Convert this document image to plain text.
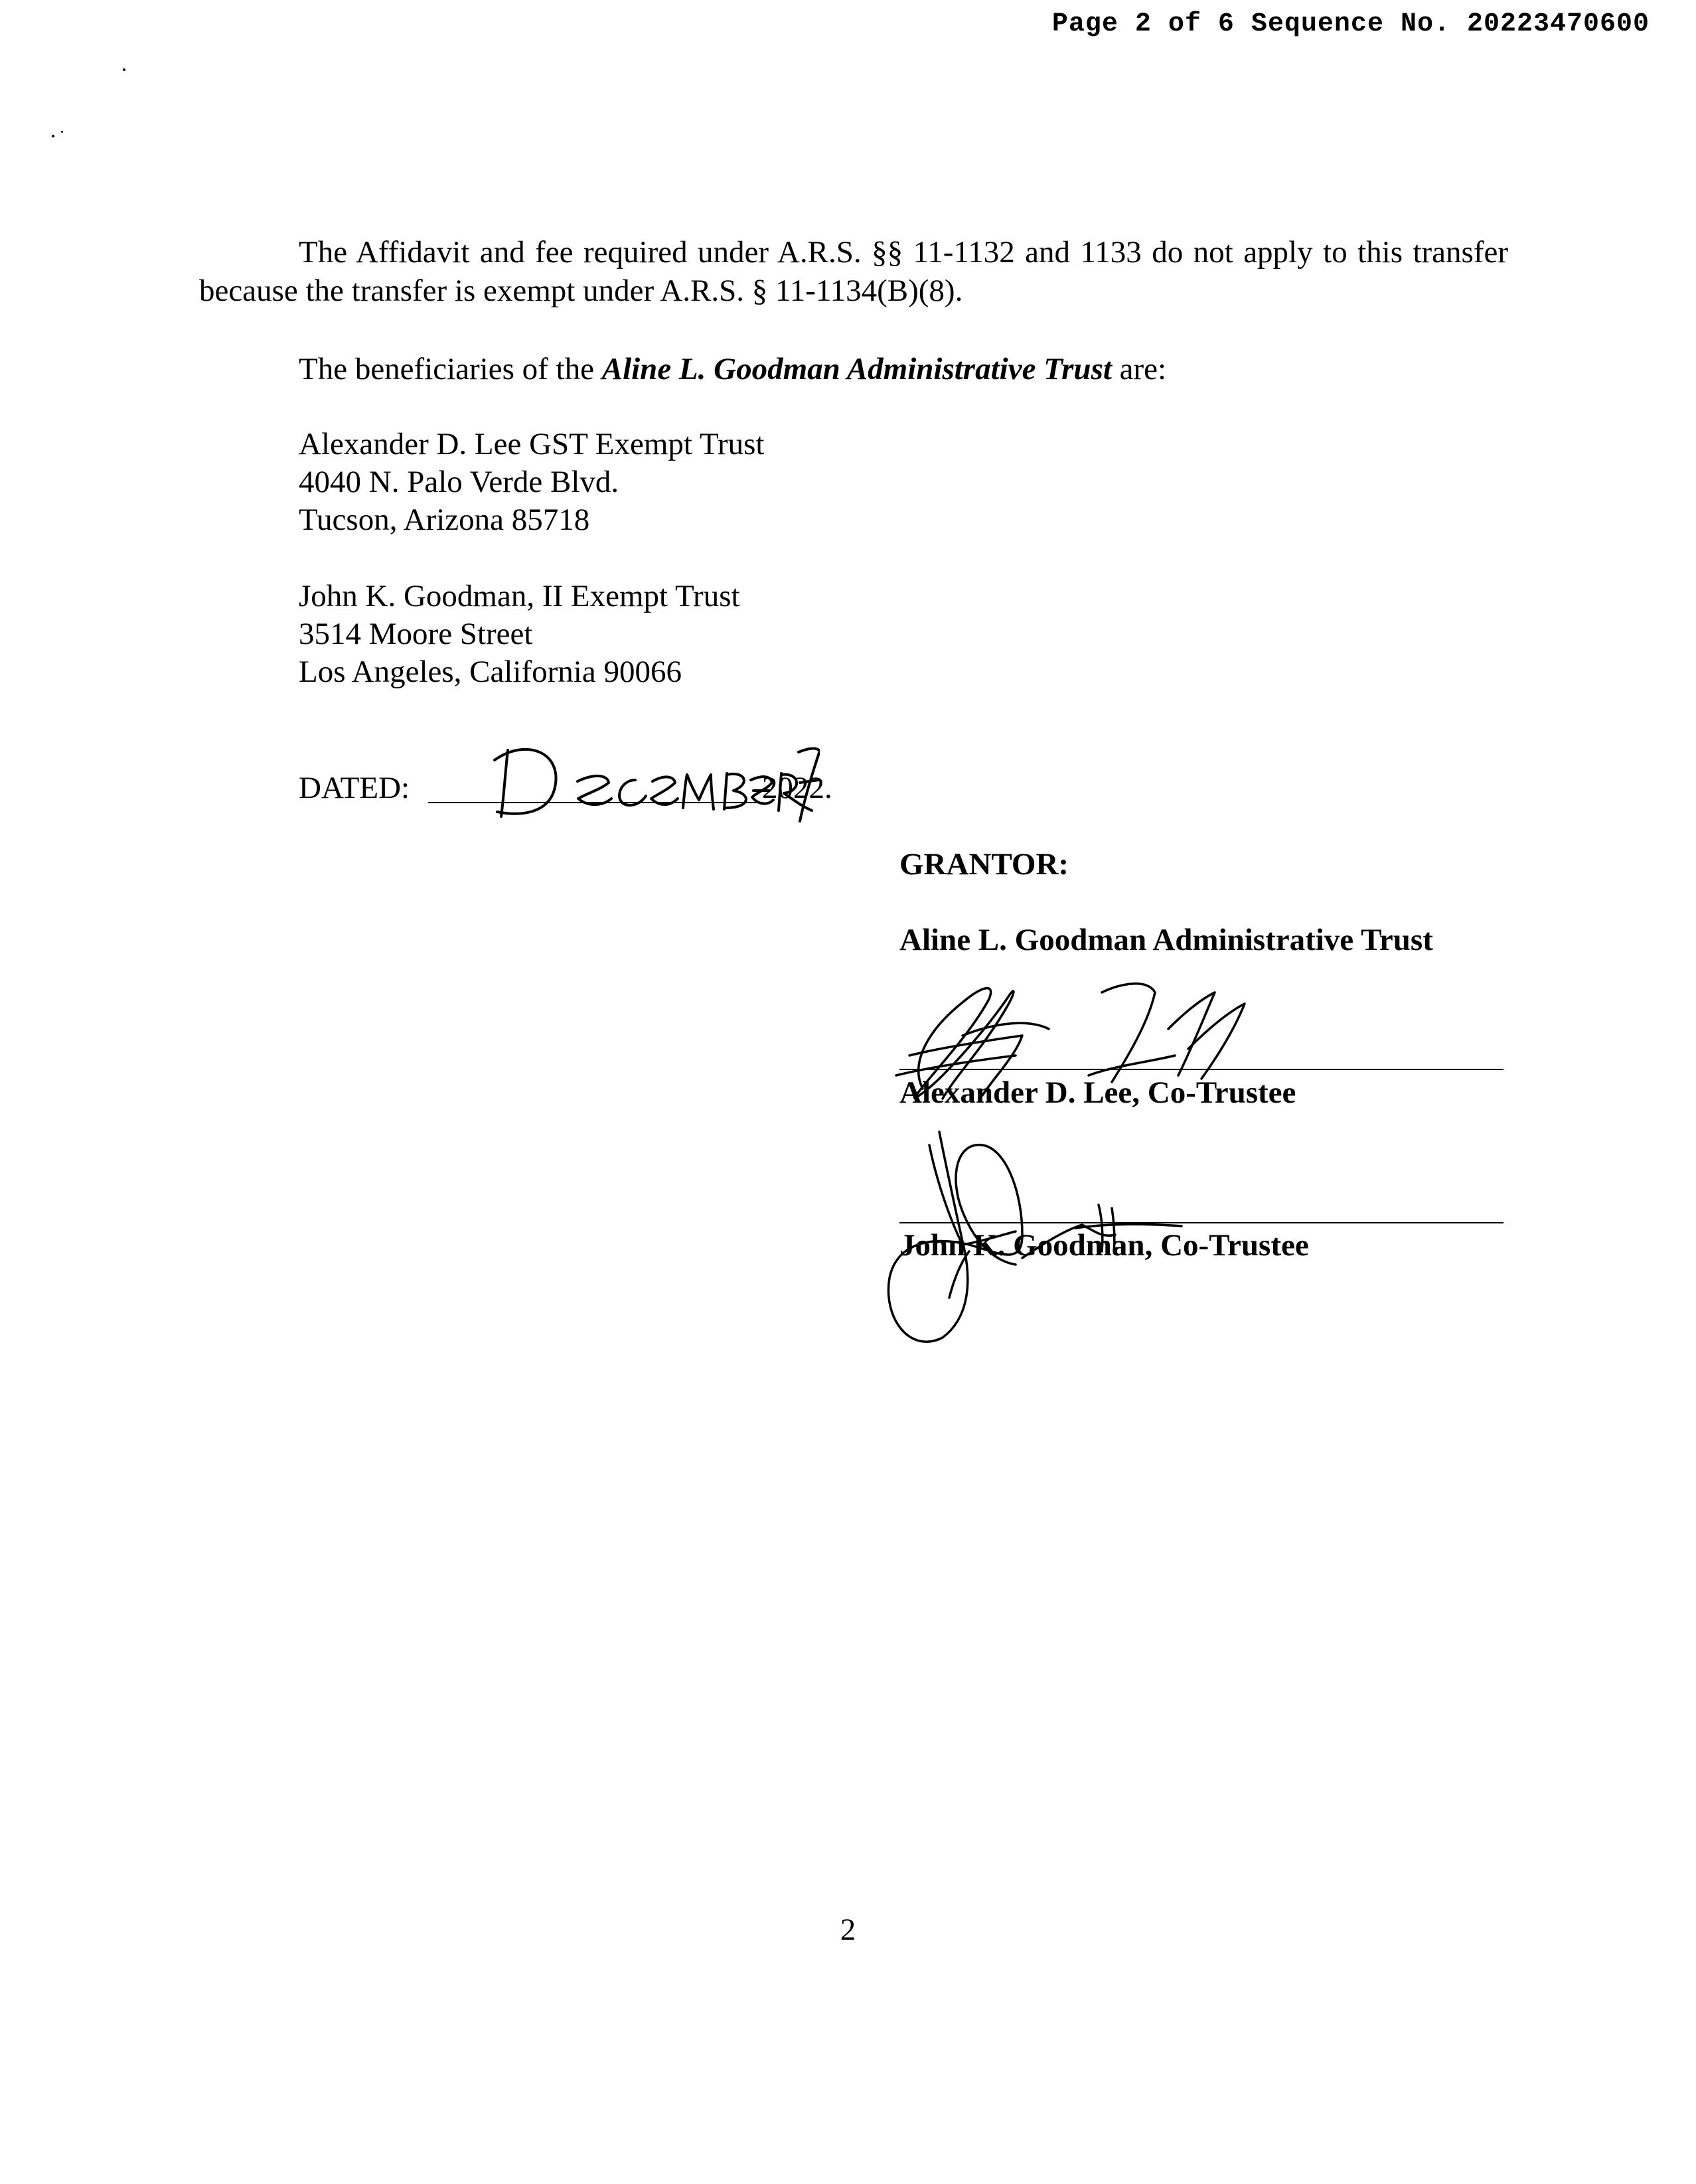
Page 2 of 6 Sequence No. 20223470600

The Affidavit and fee required under A.R.S. §§ 11-1132 and 1133 do not apply to this transfer because the transfer is exempt under A.R.S. § 11-1134(B)(8).

The beneficiaries of the Aline L. Goodman Administrative Trust are:

Alexander D. Lee GST Exempt Trust
4040 N. Palo Verde Blvd.
Tucson, Arizona 85718
John K. Goodman, II Exempt Trust
3514 Moore Street
Los Angeles, California 90066
DATED:	2022.
GRANTOR:
Aline L. Goodman Administrative Trust
Alexander D. Lee, Co-Trustee
John K. Goodman, Co-Trustee
2
